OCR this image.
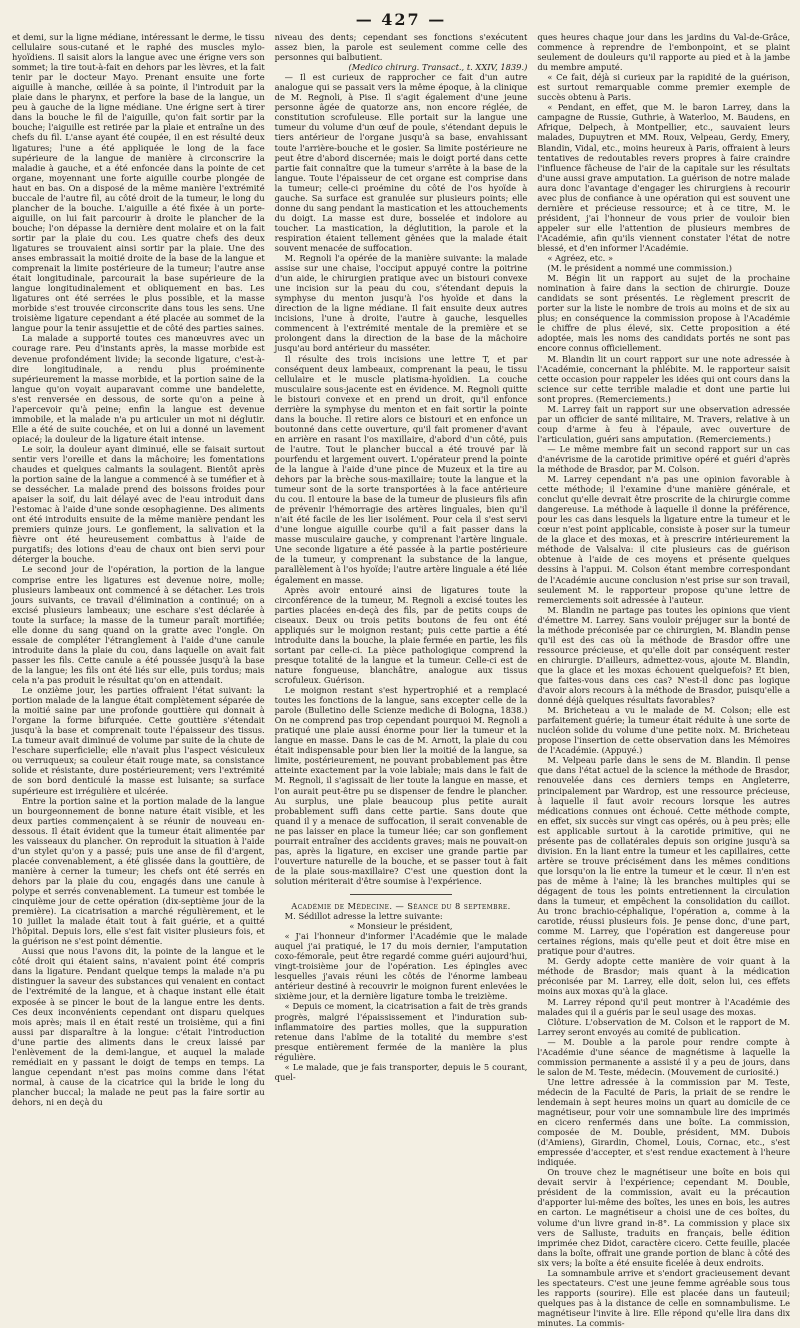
— 427 —

et demi, sur la ligne médiane, intéressant le derme, le tissu cellulaire sous-cutané et le raphé des muscles mylo-hyoïdiens. Il saisit alors la langue avec une érigne vers son sommet; la tire tout-à-fait en dehors par les lèvres, et la fait tenir par le docteur Mayo. Prenant ensuite une forte aiguille à manche, œillée à sa pointe, il l'introduit par la plaie dans le pharynx, et perfore la base de la langue, un peu à gauche de la ligne médiane. Une érigne sert à tirer dans la bouche le fil de l'aiguille, qu'on fait sortir par la bouche; l'aiguille est retirée par la plaie et entraîne un des chefs du fil. L'anse ayant été coupée, il en est résulté deux ligatures; l'une a été appliquée le long de la face supérieure de la langue de manière à circonscrire la maladie à gauche, et a été enfoncée dans la pointe de cet organe, moyennant une forte aiguille courbe plongée de haut en bas. On a disposé de la même manière l'extrémité buccale de l'autre fil, au côté droit de la tumeur, le long du plancher de la bouche. L'aiguille a été fixée à un porte-aiguille, on lui fait parcourir à droite le plancher de la bouche; l'on dépasse la dernière dent molaire et on la fait sortir par la plaie du cou. Les quatre chefs des deux ligatures se trouvaient ainsi sortir par la plaie. Une des anses embrassait la moitié droite de la base de la langue et comprenait la limite postérieure de la tumeur; l'autre anse était longitudinale, parcourait la base supérieure de la langue longitudinalement et obliquement en bas. Les ligatures ont été serrées le plus possible, et la masse morbide s'est trouvée circonscrite dans tous les sens. Une troisième ligature cependant a été placée au sommet de la langue pour la tenir assujettie et de côté des parties saines.

La malade a supporté toutes ces manœuvres avec un courage rare. Peu d'instants après, la masse morbide est devenue profondément livide; la seconde ligature, c'est-à-dire longitudinale, a rendu plus proéminente supérieurement la masse morbide, et la portion saine de la langue qu'on voyait auparavant comme une bandelette, s'est renversée en dessous, de sorte qu'on a peine à l'apercevoir qu'à peine; enfin la langue est devenue immobile, et la malade n'a pu articuler un mot ni déglutir. Elle a été de suite couchée, et on lui a donné un lavement opiacé; la douleur de la ligature était intense.

Le soir, la douleur ayant diminué, elle se faisait surtout sentir vers l'oreille et dans la mâchoire; les fomentations chaudes et quelques calmants la soulagent. Bientôt après la portion saine de la langue a commencé à se tuméfier et à se dessécher. La malade prend des boissons froides pour apaiser la soif, du lait délayé avec de l'eau introduit dans l'estomac à l'aide d'une sonde œsophagienne. Des aliments ont été introduits ensuite de la même manière pendant les premiers quinze jours. Le gonflement, la salivation et la fièvre ont été heureusement combattus à l'aide de purgatifs; des lotions d'eau de chaux ont bien servi pour déterger la bouche.

Le second jour de l'opération, la portion de la langue comprise entre les ligatures est devenue noire, molle; plusieurs lambeaux ont commencé à se détacher. Les trois jours suivants, ce travail d'élimination a continué; on a excisé plusieurs lambeaux; une eschare s'est déclarée à toute la surface; la masse de la tumeur paraît mortifiée; elle donne du sang quand on la gratte avec l'ongle. On essaie de compléter l'étranglement à l'aide d'une canule introduite dans la plaie du cou, dans laquelle on avait fait passer les fils. Cette canule a été poussée jusqu'à la base de la langue; les fils ont été liés sur elle, puis tordus; mais cela n'a pas produit le résultat qu'on en attendait.

Le onzième jour, les parties offraient l'état suivant: la portion malade de la langue était complètement séparée de la moitié saine par une profonde gouttière qui donnait à l'organe la forme bifurquée. Cette gouttière s'étendait jusqu'à la base et comprenait toute l'épaisseur des tissus. La tumeur avait diminué de volume par suite de la chute de l'eschare superficielle; elle n'avait plus l'aspect vésiculeux ou verruqueux; sa couleur était rouge mate, sa consistance solide et résistante, dure postérieurement; vers l'extrémité de son bord denticulé la masse est luisante; sa surface supérieure est irrégulière et ulcérée.

Entre la portion saine et la portion malade de la langue un bourgeonnement de bonne nature était visible, et les deux parties commençaient à se réunir de nouveau en-dessous. Il était évident que la tumeur était alimentée par les vaisseaux du plancher. On reproduit la situation à l'aide d'un stylet qu'on y a passé; puis une anse de fil d'argent, placée convenablement, a été glissée dans la gouttière, de manière à cerner la tumeur; les chefs ont été serrés en dehors par la plaie du cou, engagés dans une canule à polype et serrés convenablement. La tumeur est tombée le cinquième jour de cette opération (dix-septième jour de la première). La cicatrisation a marché régulièrement, et le 10 juillet la malade était tout à fait guérie, et a quitté l'hôpital. Depuis lors, elle s'est fait visiter plusieurs fois, et la guérison ne s'est point démentie.

Aussi que nous l'avons dit, la pointe de la langue et le côté droit qui étaient sains, n'avaient point été compris dans la ligature. Pendant quelque temps la malade n'a pu distinguer la saveur des substances qui venaient en contact de l'extrémité de la langue, et à chaque instant elle était exposée à se pincer le bout de la langue entre les dents. Ces deux inconvénients cependant ont disparu quelques mois après; mais il en était resté un troisième, qui a fini aussi par disparaître à la longue: c'était l'introduction d'une partie des aliments dans le creux laissé par l'enlèvement de la demi-langue, et auquel la malade remédiait en y passant le doigt de temps en temps. La langue cependant n'est pas moins comme dans l'état normal, à cause de la cicatrice qui la bride le long du plancher buccal; la malade ne peut pas la faire sortir au dehors, ni en deçà du

niveau des dents; cependant ses fonctions s'exécutent assez bien, la parole est seulement comme celle des personnes qui balbutient.

(Medico chirurg. Transact., t. XXIV, 1839.)

— Il est curieux de rapprocher ce fait d'un autre analogue qui se passait vers la même époque, à la clinique de M. Regnoli, à Pise. Il s'agit également d'une jeune personne âgée de quatorze ans, non encore réglée, de constitution scrofuleuse. Elle portait sur la langue une tumeur du volume d'un œuf de poule, s'étendant depuis le tiers antérieur de l'organe jusqu'à sa base, envahissant toute l'arrière-bouche et le gosier. Sa limite postérieure ne peut être d'abord discernée; mais le doigt porté dans cette partie fait connaître que la tumeur s'arrête à la base de la langue. Toute l'épaisseur de cet organe est comprise dans la tumeur; celle-ci proémine du côté de l'os hyoïde à gauche. Sa surface est granulée sur plusieurs points; elle donne du sang pendant la mastication et les attouchements du doigt. La masse est dure, bosselée et indolore au toucher. La mastication, la déglutition, la parole et la respiration étaient tellement gênées que la malade était souvent menacée de suffocation.

M. Regnoli l'a opérée de la manière suivante: la malade assise sur une chaise, l'occiput appuyé contre la poitrine d'un aide, le chirurgien pratique avec un bistouri convexe une incision sur la peau du cou, s'étendant depuis la symphyse du menton jusqu'à l'os hyoïde et dans la direction de la ligne médiane. Il fait ensuite deux autres incisions, l'une à droite, l'autre à gauche, lesquelles commencent à l'extrémité mentale de la première et se prolongent dans la direction de la base de la mâchoire jusqu'au bord antérieur du masséter.

Il résulte des trois incisions une lettre T, et par conséquent deux lambeaux, comprenant la peau, le tissu cellulaire et le muscle platisma-hyoïdien. La couche musculaire sous-jacente est en évidence. M. Regnoli quitte le bistouri convexe et en prend un droit, qu'il enfonce derrière la symphyse du menton et en fait sortir la pointe dans la bouche. Il retire alors ce bistouri et en enfonce un boutonné dans cette ouverture, qu'il fait promener d'avant en arrière en rasant l'os maxillaire, d'abord d'un côté, puis de l'autre. Tout le plancher buccal a été trouvé par là pourfendu et largement ouvert. L'opérateur prend la pointe de la langue à l'aide d'une pince de Muzeux et la tire au dehors par la brèche sous-maxillaire; toute la langue et la tumeur sont de la sorte transportées à la face antérieure du cou. Il entoure la base de la tumeur de plusieurs fils afin de prévenir l'hémorragie des artères linguales, bien qu'il n'ait été facile de les lier isolément. Pour cela il s'est servi d'une longue aiguille courbe qu'il a fait passer dans la masse musculaire gauche, y comprenant l'artère linguale. Une seconde ligature a été passée à la partie postérieure de la tumeur, y comprenant la substance de la langue, parallèlement à l'os hyoïde; l'autre artère linguale a été liée également en masse.

Après avoir entouré ainsi de ligatures toute la circonférence de la tumeur, M. Regnoli a excisé toutes les parties placées en-deçà des fils, par de petits coups de ciseaux. Deux ou trois petits boutons de feu ont été appliqués sur le moignon restant; puis cette partie a été introduite dans la bouche, la plaie fermée en partie, les fils sortant par celle-ci. La pièce pathologique comprend la presque totalité de la langue et la tumeur. Celle-ci est de nature fongueuse, blanchâtre, analogue aux tissus scrofuleux. Guérison.

Le moignon restant s'est hypertrophié et a remplacé toutes les fonctions de la langue, sans excepter celle de la parole (Bulletino delle Scienze mediche di Bologna, 1838.) On ne comprend pas trop cependant pourquoi M. Regnoli a pratiqué une plaie aussi énorme pour lier la tumeur et la langue en masse. Dans le cas de M. Arnott, la plaie du cou était indispensable pour bien lier la moitié de la langue, sa limite, postérieurement, ne pouvant probablement pas être atteinte exactement par la voie labiale; mais dans le fait de M. Regnoli, il s'agissait de lier toute la langue en masse, et l'on aurait peut-être pu se dispenser de fendre le plancher. Au surplus, une plaie beaucoup plus petite aurait probablement suffi dans cette partie. Sans doute que quand il y a menace de suffocation, il serait convenable de ne pas laisser en place la tumeur liée; car son gonflement pourrait entraîner des accidents graves; mais ne pouvait-on pas, après la ligature, en exciser une grande partie par l'ouverture naturelle de la bouche, et se passer tout à fait de la plaie sous-maxillaire? C'est une question dont la solution mériterait d'être soumise à l'expérience.

Académie de Médecine. — Séance du 8 septembre.

M. Sédillot adresse la lettre suivante:

« Monsieur le président,

« J'ai l'honneur d'informer l'Académie que le malade auquel j'ai pratiqué, le 17 du mois dernier, l'amputation coxo-fémorale, peut être regardé comme guéri aujourd'hui, vingt-troisième jour de l'opération. Les épingles avec lesquelles j'avais réuni les côtés de l'énorme lambeau antérieur destiné à recouvrir le moignon furent enlevées le sixième jour, et la dernière ligature tomba le treizième.

« Depuis ce moment, la cicatrisation a fait de très grands progrès, malgré l'épaississement et l'induration sub-inflammatoire des parties molles, que la suppuration retenue dans l'abîme de la totalité du membre s'est presque entièrement fermée de la manière la plus régulière.

« Le malade, que je fais transporter, depuis le 5 courant, quel-

ques heures chaque jour dans les jardins du Val-de-Grâce, commence à reprendre de l'embonpoint, et se plaint seulement de douleurs qu'il rapporte au pied et à la jambe du membre amputé.

« Ce fait, déjà si curieux par la rapidité de la guérison, est surtout remarquable comme premier exemple de succès obtenu à Paris.

« Pendant, en effet, que M. le baron Larrey, dans la campagne de Russie, Guthrie, à Waterloo, M. Baudens, en Afrique, Delpech, à Montpellier, etc., sauvaient leurs malades, Dupuytren et MM. Roux, Velpeau, Gerdy, Emery, Blandin, Vidal, etc., moins heureux à Paris, offraient à leurs tentatives de redoutables revers propres à faire craindre l'influence fâcheuse de l'air de la capitale sur les résultats d'une aussi grave amputation. La guérison de notre malade aura donc l'avantage d'engager les chirurgiens à recourir avec plus de confiance à une opération qui est souvent une dernière et précieuse ressource; et à ce titre, M. le président, j'ai l'honneur de vous prier de vouloir bien appeler sur elle l'attention de plusieurs membres de l'Académie, afin qu'ils viennent constater l'état de notre blessé, et d'en informer l'Académie.

« Agréez, etc. »

(M. le président a nommé une commission.)

M. Bégin lit un rapport au sujet de la prochaine nomination à faire dans la section de chirurgie. Douze candidats se sont présentés. Le règlement prescrit de porter sur la liste le nombre de trois au moins et de six au plus; en conséquence la commission propose à l'Académie le chiffre de plus élevé, six. Cette proposition a été adoptée, mais les noms des candidats portés ne sont pas encore connus officiellement.

M. Blandin lit un court rapport sur une note adressée à l'Académie, concernant la phlébite. M. le rapporteur saisit cette occasion pour rappeler les idées qui ont cours dans la science sur cette terrible maladie et dont une partie lui sont propres. (Remerciements.)

M. Larrey fait un rapport sur une observation adressée par un officier de santé militaire, M. Travers, relative à un coup d'arme à feu à l'épaule, avec ouverture de l'articulation, guéri sans amputation. (Remerciements.)

— Le même membre fait un second rapport sur un cas d'anévrisme de la carotide primitive opéré et guéri d'après la méthode de Brasdor, par M. Colson.

M. Larrey cependant n'a pas une opinion favorable à cette méthode; il l'examine d'une manière générale, et conclut qu'elle devrait être proscrite de la chirurgie comme dangereuse. La méthode à laquelle il donne la préférence, pour les cas dans lesquels la ligature entre la tumeur et le cœur n'est point applicable, consiste à poser sur la tumeur de la glace et des moxas, et à prescrire intérieurement la méthode de Valsalva: il cite plusieurs cas de guérison obtenue à l'aide de ces moyens et présente quelques dessins à l'appui. M. Colson étant membre correspondant de l'Académie aucune conclusion n'est prise sur son travail, seulement M. le rapporteur propose qu'une lettre de remerciements soit adressée à l'auteur.

M. Blandin ne partage pas toutes les opinions que vient d'émettre M. Larrey. Sans vouloir préjuger sur la bonté de la méthode préconisée par ce chirurgien, M. Blandin pense qu'il est des cas où la méthode de Brasdor offre une ressource précieuse, et qu'elle doit par conséquent rester en chirurgie. D'ailleurs, admettez-vous, ajoute M. Blandin, que la glace et les moxas échouent quelquefois? Et bien, que faites-vous dans ces cas? N'est-il donc pas logique d'avoir alors recours à la méthode de Brasdor, puisqu'elle a donné déjà quelques résultats favorables?

M. Bricheteau a vu le malade de M. Colson; elle est parfaitement guérie; la tumeur était réduite à une sorte de nucléon solide du volume d'une petite noix. M. Bricheteau propose l'insertion de cette observation dans les Mémoires de l'Académie. (Appuyé.)

M. Velpeau parle dans le sens de M. Blandin. Il pense que dans l'état actuel de la science la méthode de Brasdor, renouvelée dans ces derniers temps en Angleterre, principalement par Wardrop, est une ressource précieuse, à laquelle il faut avoir recours lorsque les autres médications connues ont échoué. Cette méthode compte, en effet, six succès sur vingt cas opérés, ou à peu près; elle est applicable surtout à la carotide primitive, qui ne présente pas de collatérales depuis son origine jusqu'à sa division. En la liant entre la tumeur et les capillaires, cette artère se trouve précisément dans les mêmes conditions que lorsqu'on la lie entre la tumeur et le cœur. Il n'en est pas de même à l'aine; là les branches multiples qui se dégagent de tous les points entretiennent la circulation dans la tumeur, et empêchent la consolidation du caillot. Au tronc brachio-céphalique, l'opération a, comme à la carotide, réussi plusieurs fois. Je pense donc, d'une part, comme M. Larrey, que l'opération est dangereuse pour certaines régions, mais qu'elle peut et doit être mise en pratique pour d'autres.

M. Gerdy adopte cette manière de voir quant à la méthode de Brasdor; mais quant à la médication préconisée par M. Larrey, elle doit, selon lui, ces effets moins aux moxas qu'à la glace.

M. Larrey répond qu'il peut montrer à l'Académie des malades qui il a guéris par le seul usage des moxas.

Clôture. L'observation de M. Colson et le rapport de M. Larrey seront envoyés au comité de publication.

— M. Double a la parole pour rendre compte à l'Académie d'une séance de magnétisme à laquelle la commission permanente a assisté il y a peu de jours, dans le salon de M. Teste, médecin. (Mouvement de curiosité.)

Une lettre adressée à la commission par M. Teste, médecin de la Faculté de Paris, la priait de se rendre le lendemain à sept heures moins un quart au domicile de ce magnétiseur, pour voir une somnambule lire des imprimés en cicero renfermés dans une boîte. La commission, composée de M. Double, président, MM. Dubois (d'Amiens), Girardin, Chomel, Louis, Cornac, etc., s'est empressée d'accepter, et s'est rendue exactement à l'heure indiquée.

On trouve chez le magnétiseur une boîte en bois qui devait servir à l'expérience; cependant M. Double, président de la commission, avait eu la précaution d'apporter lui-même des boîtes, les unes en bois, les autres en carton. Le magnétiseur a choisi une de ces boîtes, du volume d'un livre grand in-8°. La commission y place six vers de Salluste, traduits en français, belle édition imprimée chez Didot, caractère cicero. Cette feuille, placée dans la boîte, offrait une grande portion de blanc à côté des six vers; la boîte a été ensuite ficelée à deux endroits.

La somnambule arrive et s'endort gracieusement devant les spectateurs. C'est une jeune femme agréable sous tous les rapports (sourire). Elle est placée dans un fauteuil; quelques pas à la distance de celle en somnambulisme. Le magnétiseur l'invite à lire. Elle répond qu'elle lira dans dix minutes. La commis-
